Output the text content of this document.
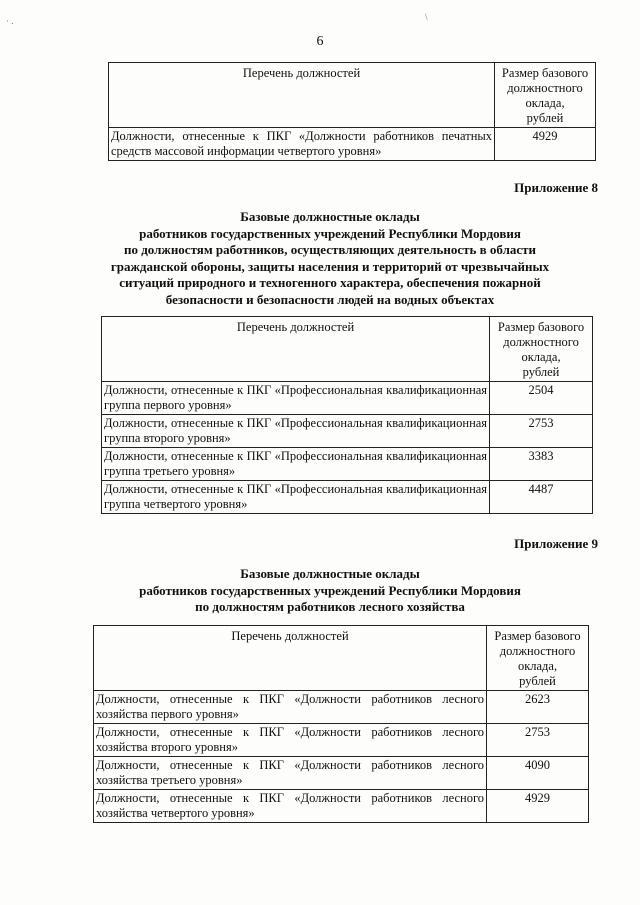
· .	\
6
Перечень должностей	Размер базового
должностного
оклада,
рублей

Должности, отнесенные к ПКГ «Должности работников печатных средств массовой информации четвертого уровня»	4929
Приложение 8
Базовые должностные оклады
работников государственных учреждений Республики Мордовия
по должностям работников, осуществляющих деятельность в области
гражданской обороны, защиты населения и территорий от чрезвычайных
ситуаций природного и техногенного характера, обеспечения пожарной
безопасности и безопасности людей на водных объектах
Перечень должностей	Размер базового
должностного
оклада,
рублей

Должности, отнесенные к ПКГ «Профессиональная квалификационная группа первого уровня»	2504
Должности, отнесенные к ПКГ «Профессиональная квалификационная группа второго уровня»	2753
Должности, отнесенные к ПКГ «Профессиональная квалификационная группа третьего уровня»	3383
Должности, отнесенные к ПКГ «Профессиональная квалификационная группа четвертого уровня»	4487
Приложение 9
Базовые должностные оклады
работников государственных учреждений Республики Мордовия
по должностям работников лесного хозяйства
Перечень должностей	Размер базового
должностного
оклада,
рублей

Должности, отнесенные к ПКГ «Должности работников лесного хозяйства первого уровня»	2623
Должности, отнесенные к ПКГ «Должности работников лесного хозяйства второго уровня»	2753
Должности, отнесенные к ПКГ «Должности работников лесного хозяйства третьего уровня»	4090
Должности, отнесенные к ПКГ «Должности работников лесного хозяйства четвертого уровня»	4929
